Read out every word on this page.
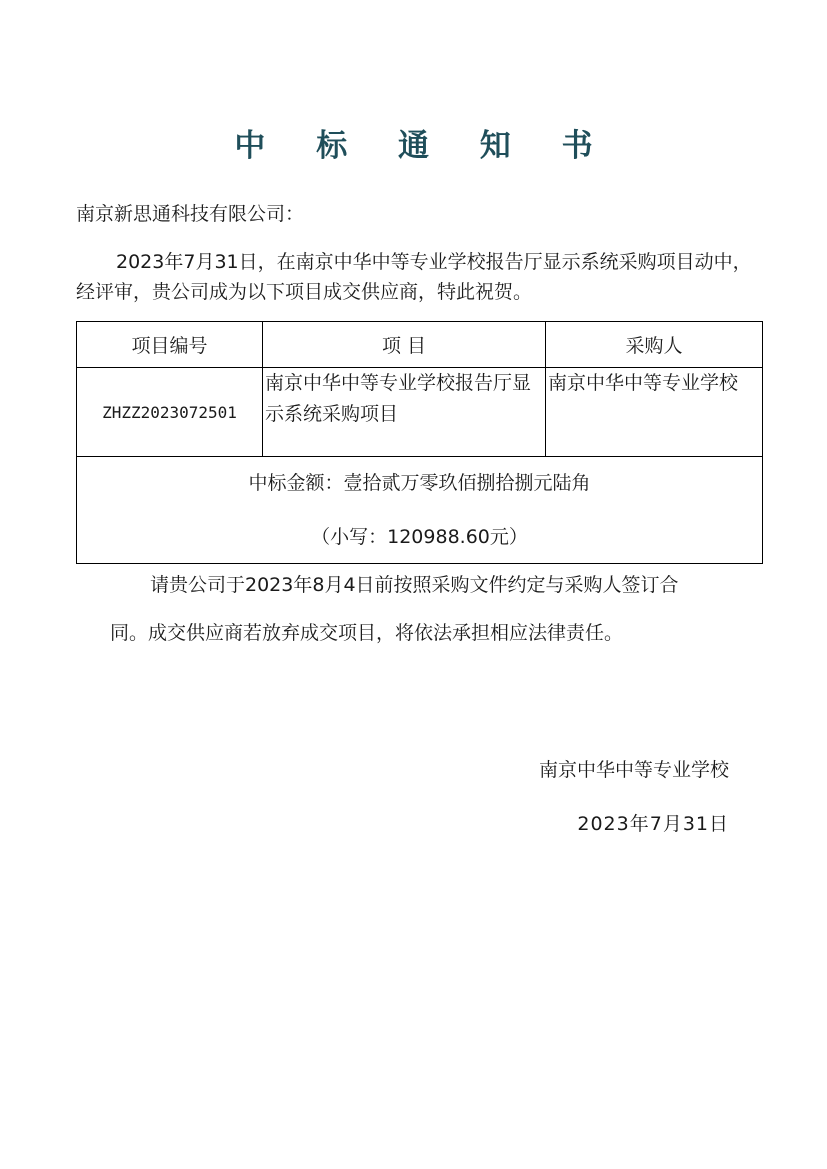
中 标 通 知 书
南京新思通科技有限公司：

2023年7月31日，在南京中华中等专业学校报告厅显示系统采购项目动中，经评审，贵公司成为以下项目成交供应商，特此祝贺。

项目编号	项 目	采购人
ZHZZ2023072501	南京中华中等专业学校报告厅显示系统采购项目	南京中华中等专业学校

中标金额：壹拾贰万零玖佰捌拾捌元陆角
（小写：120988.60元）		
请贵公司于2023年8月4日前按照采购文件约定与采购人签订合
同。成交供应商若放弃成交项目，将依法承担相应法律责任。
南京中华中等专业学校
2023年7月31日
